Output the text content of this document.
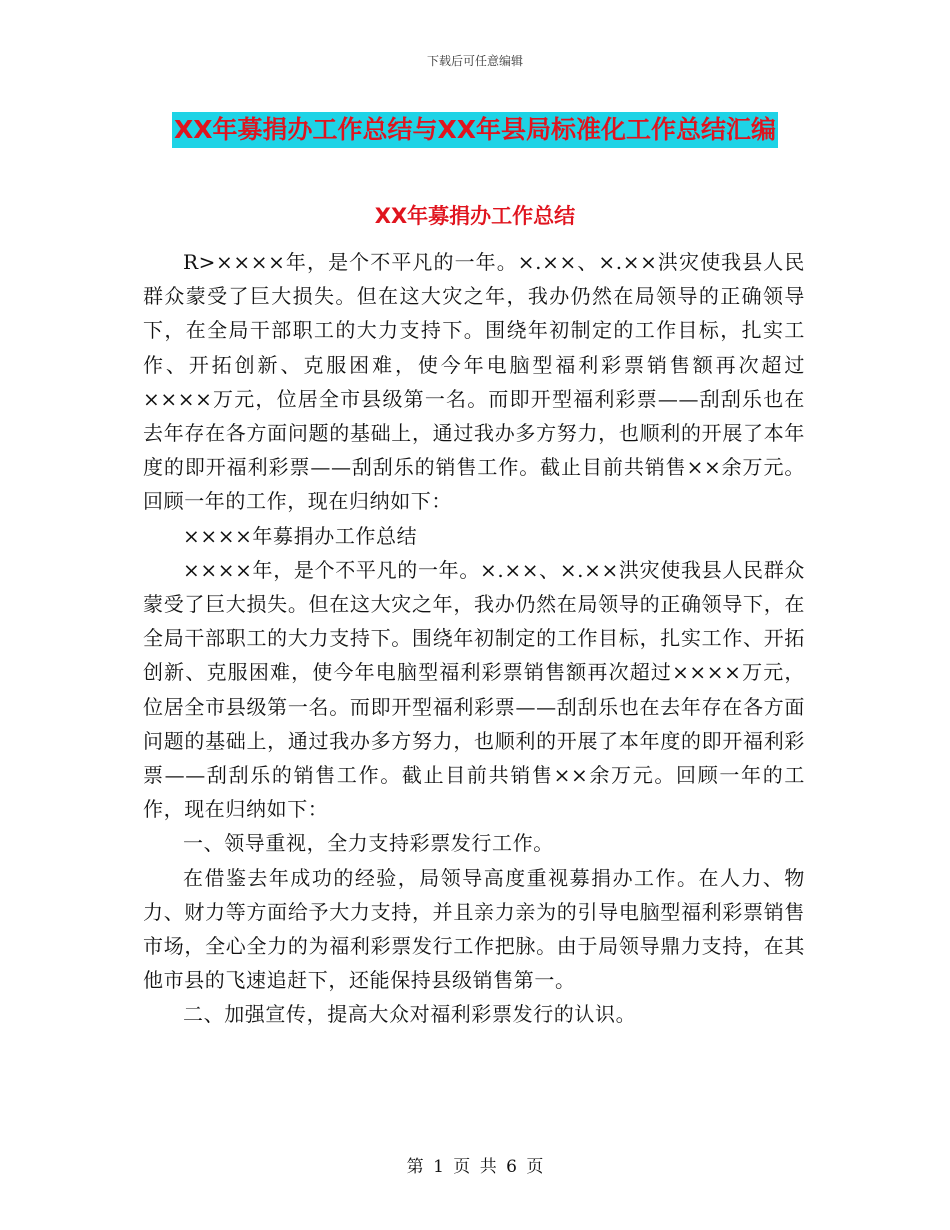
下载后可任意编辑
XX年募捐办工作总结与XX年县局标准化工作总结汇编
XX年募捐办工作总结

R>××××年，是个不平凡的一年。×.××、×.××洪灾使我县人民群众蒙受了巨大损失。但在这大灾之年，我办仍然在局领导的正确领导下，在全局干部职工的大力支持下。围绕年初制定的工作目标，扎实工作、开拓创新、克服困难，使今年电脑型福利彩票销售额再次超过××××万元，位居全市县级第一名。而即开型福利彩票——刮刮乐也在去年存在各方面问题的基础上，通过我办多方努力，也顺利的开展了本年度的即开福利彩票——刮刮乐的销售工作。截止目前共销售××余万元。回顾一年的工作，现在归纳如下：

××××年募捐办工作总结

××××年，是个不平凡的一年。×.××、×.××洪灾使我县人民群众蒙受了巨大损失。但在这大灾之年，我办仍然在局领导的正确领导下，在全局干部职工的大力支持下。围绕年初制定的工作目标，扎实工作、开拓创新、克服困难，使今年电脑型福利彩票销售额再次超过××××万元，位居全市县级第一名。而即开型福利彩票——刮刮乐也在去年存在各方面问题的基础上，通过我办多方努力，也顺利的开展了本年度的即开福利彩票——刮刮乐的销售工作。截止目前共销售××余万元。回顾一年的工作，现在归纳如下：

一、领导重视，全力支持彩票发行工作。

在借鉴去年成功的经验，局领导高度重视募捐办工作。在人力、物力、财力等方面给予大力支持，并且亲力亲为的引导电脑型福利彩票销售市场，全心全力的为福利彩票发行工作把脉。由于局领导鼎力支持，在其他市县的飞速追赶下，还能保持县级销售第一。

二、加强宣传，提高大众对福利彩票发行的认识。

第 1 页 共 6 页
